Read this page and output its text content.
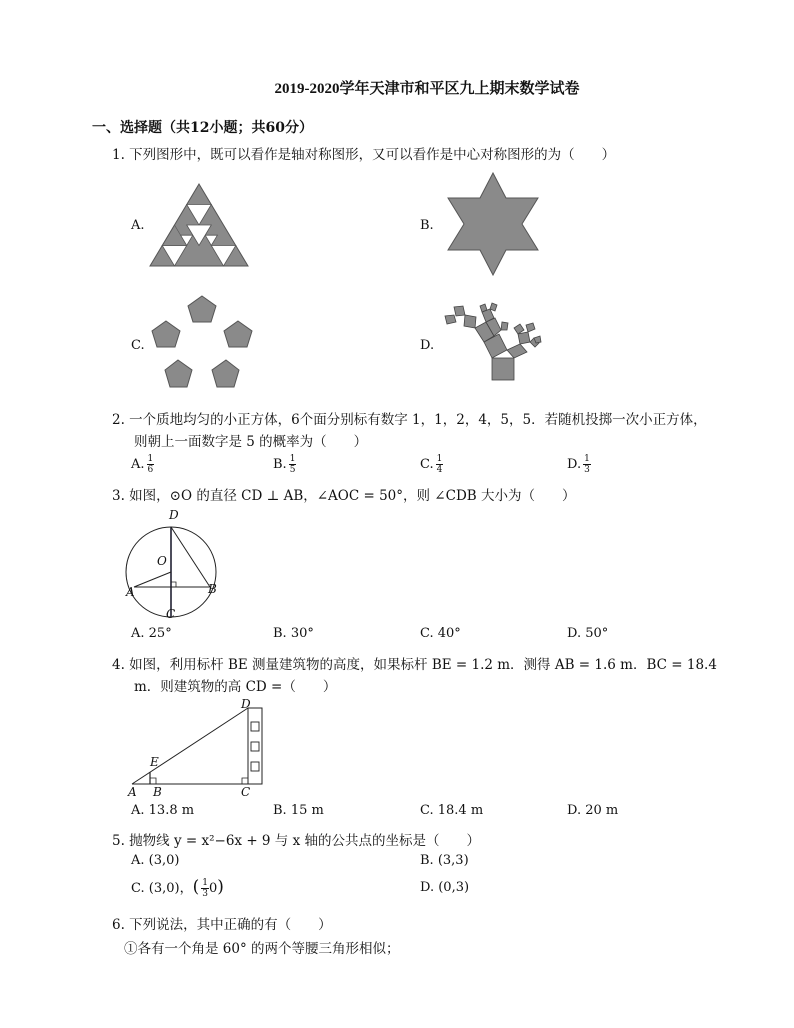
2019-2020学年天津市和平区九上期末数学试卷
一、选择题（共12小题；共60分）
1. 下列图形中，既可以看作是轴对称图形，又可以看作是中心对称图形的为（　　）
A.	B.
C.	D.
2. 一个质地均匀的小正方体，6个面分别标有数字 1，1，2，4，5，5．若随机投掷一次小正方体，
则朝上一面数字是 5 的概率为（　　）
A. $\frac{1}{6}$	B. $\frac{1}{5}$	C. $\frac{1}{4}$	D. $\frac{1}{3}$
3. 如图，⊙O 的直径 CD ⊥ AB，∠AOC = 50°，则 ∠CDB 大小为（　　）
D
O
A	B
C
A. 25°	B. 30°	C. 40°	D. 50°
4. 如图，利用标杆 BE 测量建筑物的高度，如果标杆 BE = 1.2 m．测得 AB = 1.6 m．BC = 18.4
m．则建筑物的高 CD =（　　）
D
E
A B	C
A. 13.8 m	B. 15 m	C. 18.4 m	D. 20 m
5. 抛物线 y = x²−6x + 9 与 x 轴的公共点的坐标是（　　）
A. (3,0)	B. (3,3)
C. (3,0)，( $\frac{1}{3} 0$)	D. (0,3)
6. 下列说法，其中正确的有（　　）
①各有一个角是 60° 的两个等腰三角形相似；
